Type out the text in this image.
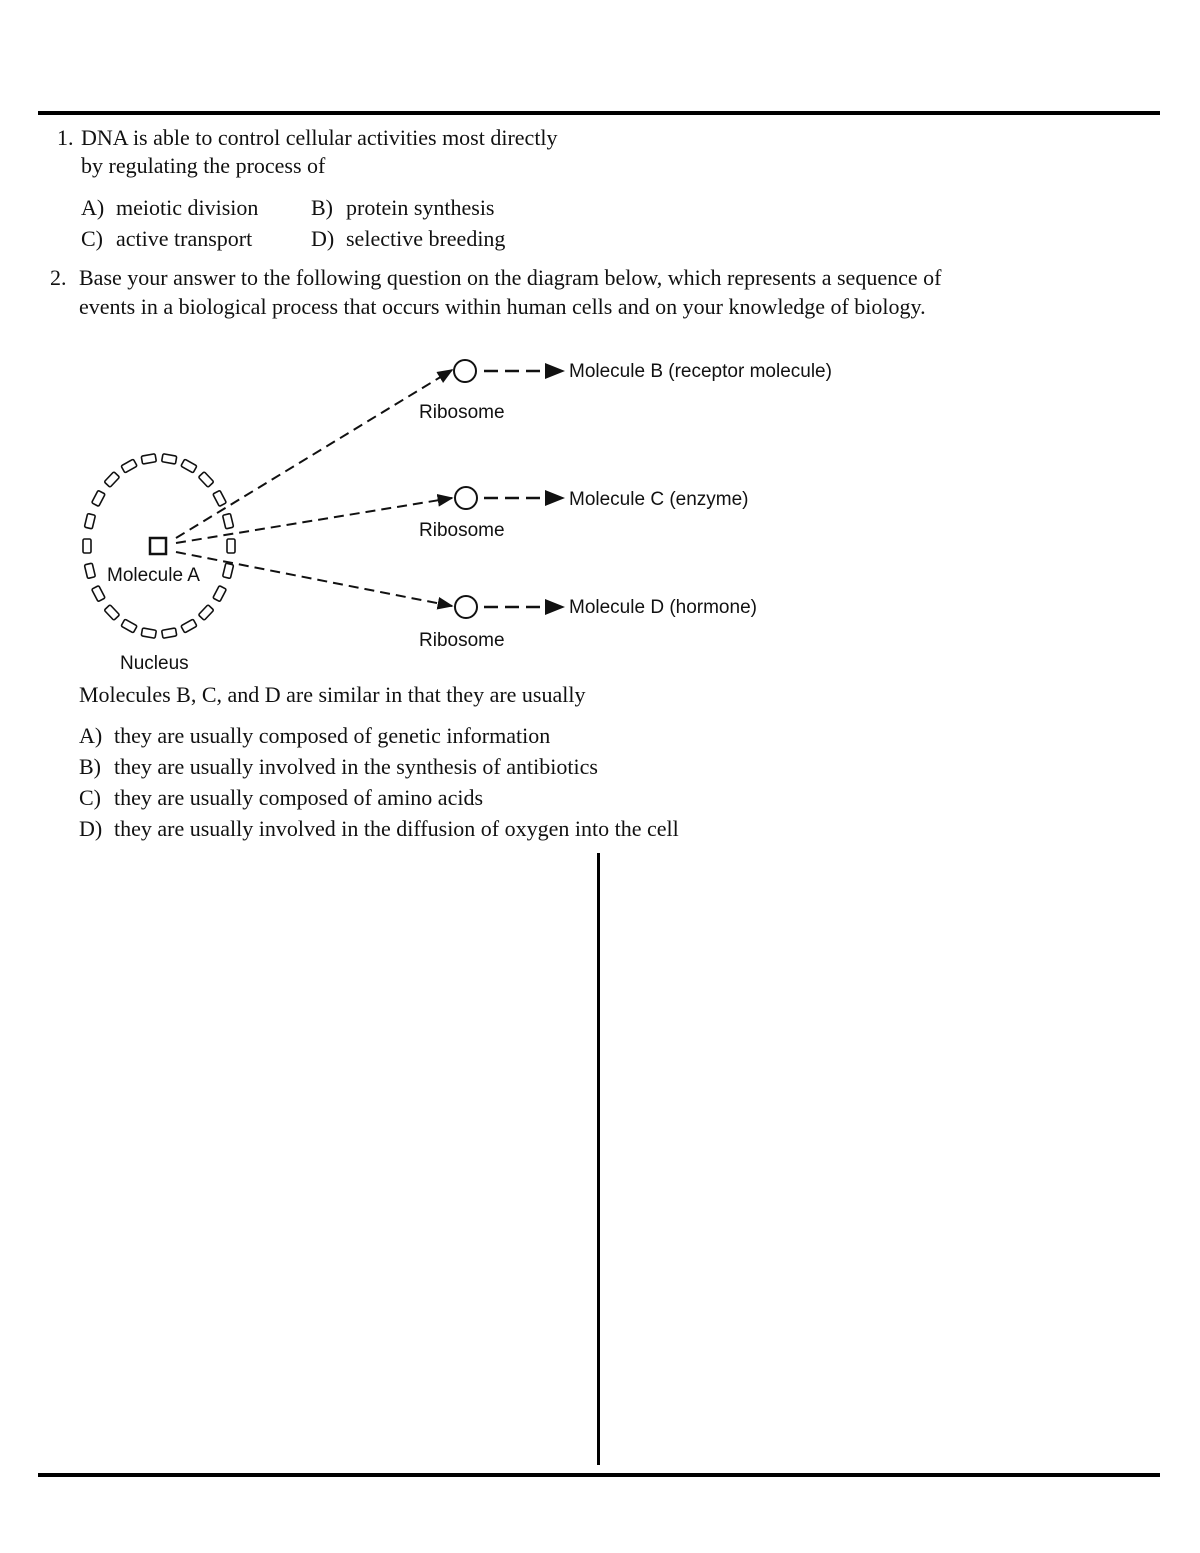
1. DNA is able to control cellular activities most directly
by regulating the process of
A) meiotic division B) protein synthesis
C) active transport	D) selective breeding
2. Base your answer to the following question on the diagram below, which represents a sequence of
events in a biological process that occurs within human cells and on your knowledge of biology.
Molecule B (receptor molecule)
Molecule C (enzyme)
Molecule D (hormone)
Ribosome
Ribosome
Ribosome
Molecule A
Nucleus
Molecules B, C, and D are similar in that they are usually
A) they are usually composed of genetic information
B) they are usually involved in the synthesis of antibiotics
C) they are usually composed of amino acids
D) they are usually involved in the diffusion of oxygen into the cell
